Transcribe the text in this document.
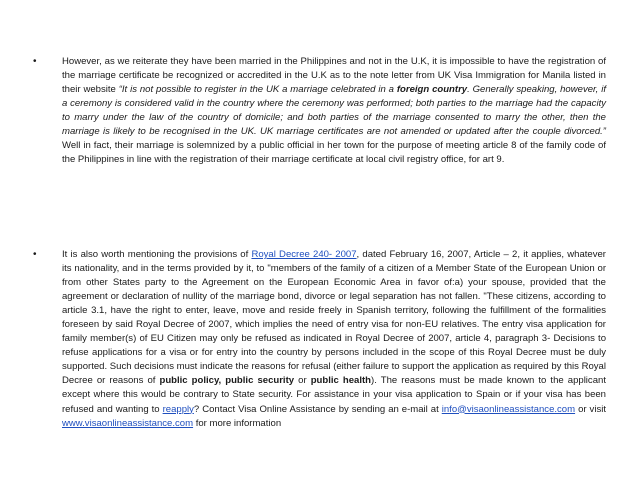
•	However, as we reiterate they have been married in the Philippines and not in the U.K, it is impossible to have the registration of the marriage certificate be recognized or accredited in the U.K as to the note letter from UK Visa Immigration for Manila listed in their website “It is not possible to register in the UK a marriage celebrated in a foreign country. Generally speaking, however, if a ceremony is considered valid in the country where the ceremony was performed; both parties to the marriage had the capacity to marry under the law of the country of domicile; and both parties of the marriage consented to marry the other, then the marriage is likely to be recognised in the UK. UK marriage certificates are not amended or updated after the couple divorced.” Well in fact, their marriage is solemnized by a public official in her town for the purpose of meeting article 8 of the family code of the Philippines in line with the registration of their marriage certificate at local civil registry office, for art 9.

•	It is also worth mentioning the provisions of Royal Decree 240- 2007, dated February 16, 2007, Article – 2, it applies, whatever its nationality, and in the terms provided by it, to "members of the family of a citizen of a Member State of the European Union or from other States party to the Agreement on the European Economic Area in favor of:a) your spouse, provided that the agreement or declaration of nullity of the marriage bond, divorce or legal separation has not fallen. "These citizens, according to article 3.1, have the right to enter, leave, move and reside freely in Spanish territory, following the fulfillment of the formalities foreseen by said Royal Decree of 2007, which implies the need of entry visa for non-EU relatives. The entry visa application for family member(s) of EU Citizen may only be refused as indicated in Royal Decree of 2007, article 4, paragraph 3- Decisions to refuse applications for a visa or for entry into the country by persons included in the scope of this Royal Decree must be duly supported. Such decisions must indicate the reasons for refusal (either failure to support the application as required by this Royal Decree or reasons of public policy, public security or public health). The reasons must be made known to the applicant except where this would be contrary to State security. For assistance in your visa application to Spain or if your visa has been refused and wanting to reapply? Contact Visa Online Assistance by sending an e-mail at info@visaonlineassistance.com or visit www.visaonlineassistance.com for more information
